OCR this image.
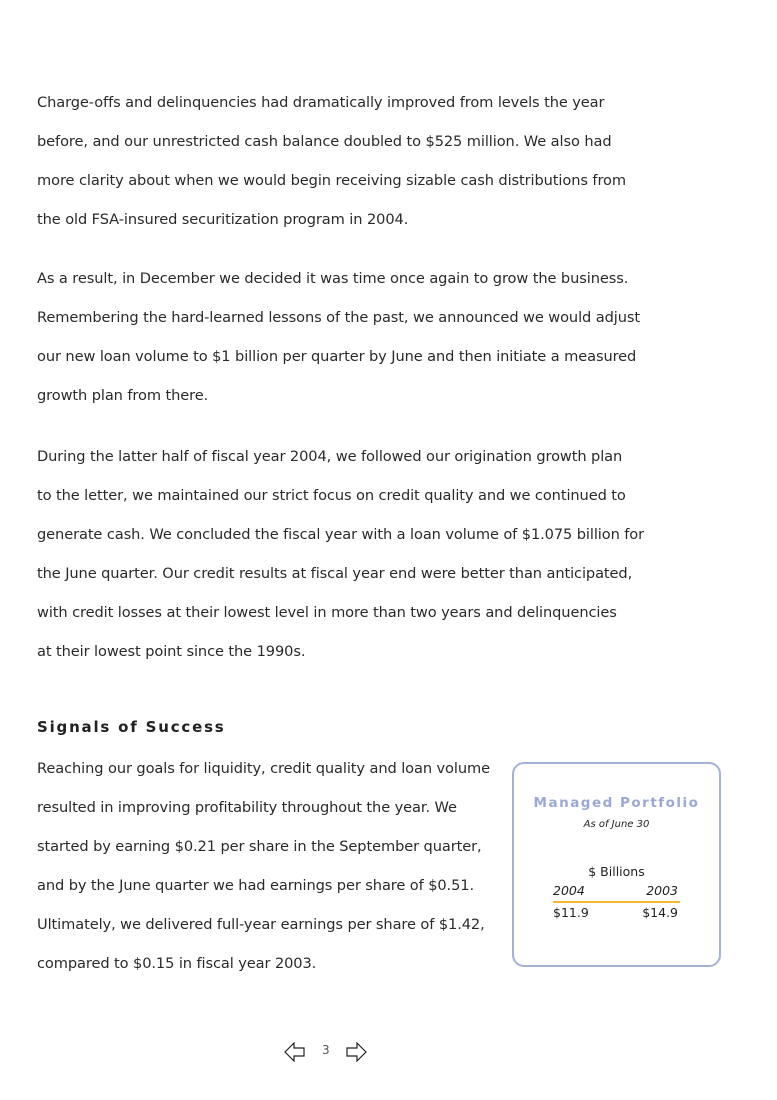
Charge-offs and delinquencies had dramatically improved from levels the year
before, and our unrestricted cash balance doubled to $525 million. We also had
more clarity about when we would begin receiving sizable cash distributions from
the old FSA-insured securitization program in 2004.
As a result, in December we decided it was time once again to grow the business.
Remembering the hard-learned lessons of the past, we announced we would adjust
our new loan volume to $1 billion per quarter by June and then initiate a measured
growth plan from there.
During the latter half of fiscal year 2004, we followed our origination growth plan
to the letter, we maintained our strict focus on credit quality and we continued to
generate cash. We concluded the fiscal year with a loan volume of $1.075 billion for
the June quarter. Our credit results at fiscal year end were better than anticipated,
with credit losses at their lowest level in more than two years and delinquencies
at their lowest point since the 1990s.
Signals of Success
Reaching our goals for liquidity, credit quality and loan volume
resulted in improving profitability throughout the year. We
started by earning $0.21 per share in the September quarter,
and by the June quarter we had earnings per share of $0.51.
Ultimately, we delivered full-year earnings per share of $1.42,
compared to $0.15 in fiscal year 2003.
Managed Portfolio
As of June 30
$ Billions
2004	2003
$11.9	$14.9
3
